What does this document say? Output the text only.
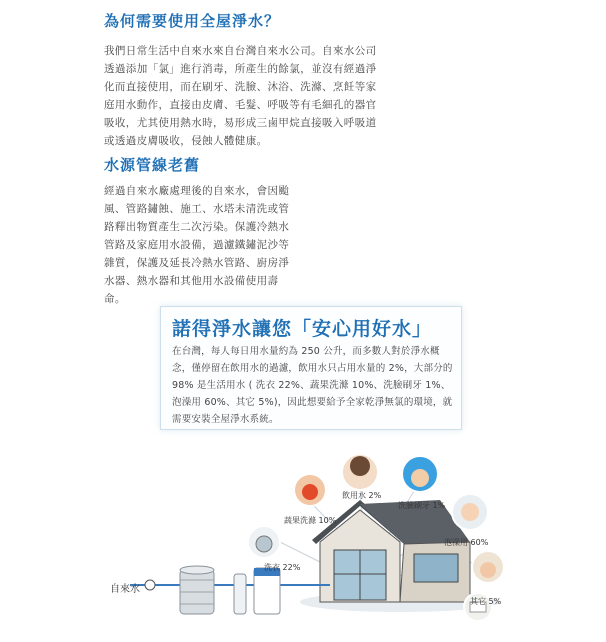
為何需要使用全屋淨水？
我們日常生活中自來水來自台灣自來水公司。自來水公司透過添加「氯」進行消毒，所產生的餘氯，並沒有經過淨化而直接使用，而在刷牙、洗臉、沐浴、洗滌、烹飪等家庭用水動作，直接由皮膚、毛髮、呼吸等有毛細孔的器官吸收，尤其使用熱水時，易形成三鹵甲烷直接吸入呼吸道或透過皮膚吸收，侵蝕人體健康。
水源管線老舊
經過自來水廠處理後的自來水，會因颱風、管路鏽蝕、施工、水塔未清洗或管路釋出物質產生二次污染。保護冷熱水管路及家庭用水設備，過濾鐵鏽泥沙等雜質，保護及延長冷熱水管路、廚房淨水器、熱水器和其他用水設備使用壽命。
諾得淨水讓您「安心用好水」
在台灣，每人每日用水量約為 250 公升，而多數人對於淨水概念，僅停留在飲用水的過濾，飲用水只占用水量的 2%，大部分的 98% 是生活用水 ( 洗衣 22%、蔬果洗滌 10%、洗臉刷牙 1%、泡澡用 60%、其它 5%)，因此想要給予全家乾淨無氯的環境，就需要安裝全屋淨水系統。
自來水
飲用水 2%
洗臉刷牙 1%
蔬果洗滌 10%
泡澡用 60%
洗衣 22%
其它 5%
